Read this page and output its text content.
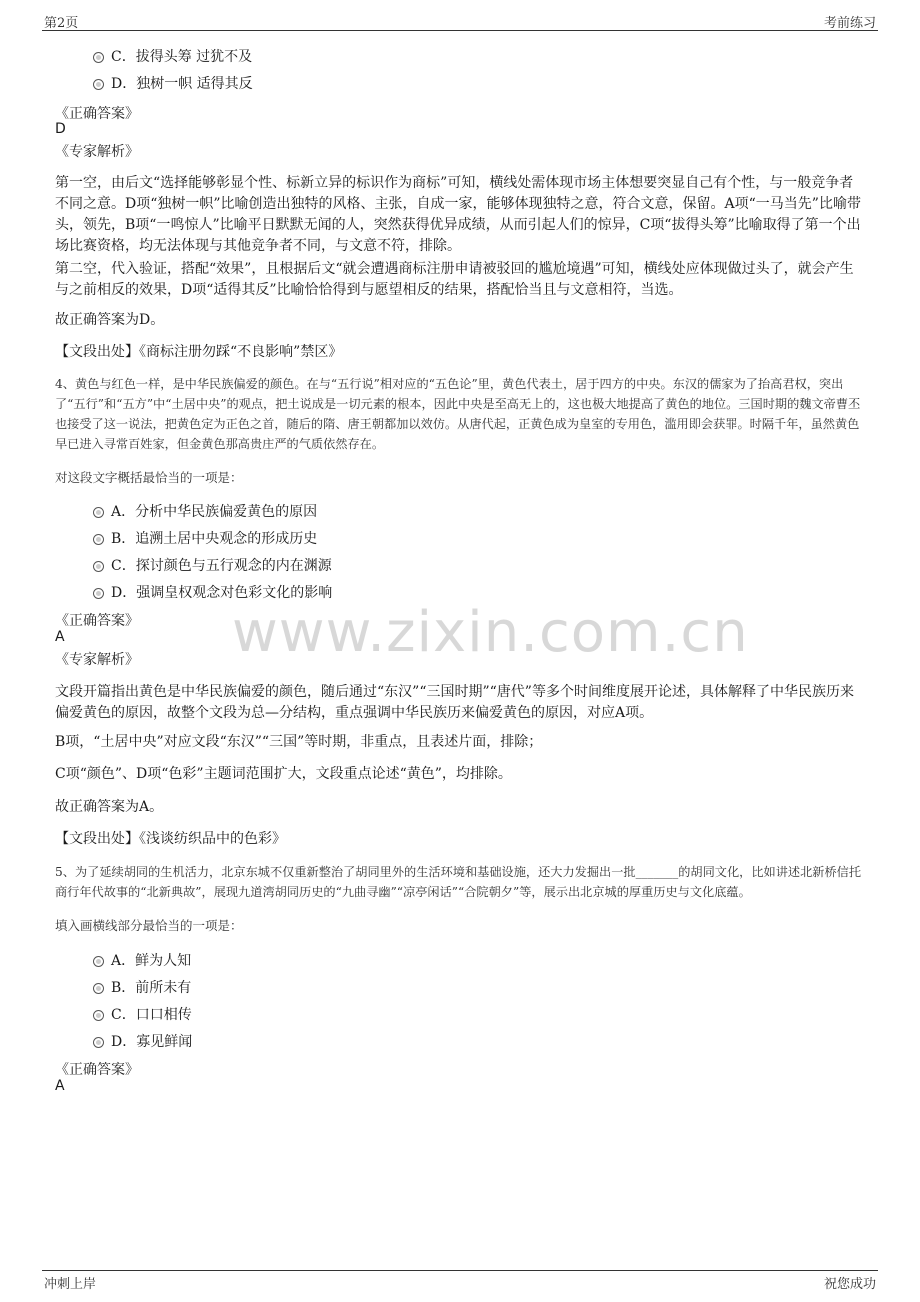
第2页	考前练习
www.zixin.com.cn
C．拔得头筹 过犹不及
D．独树一帜 适得其反
《正确答案》
D
《专家解析》
第一空，由后文“选择能够彰显个性、标新立异的标识作为商标”可知，横线处需体现市场主体想要突显自己有个性，与一般竞争者不同之意。D项“独树一帜”比喻创造出独特的风格、主张，自成一家，能够体现独特之意，符合文意，保留。A项“一马当先”比喻带头，领先，B项“一鸣惊人”比喻平日默默无闻的人，突然获得优异成绩，从而引起人们的惊异，C项“拔得头筹”比喻取得了第一个出场比赛资格，均无法体现与其他竞争者不同，与文意不符，排除。
第二空，代入验证，搭配“效果”，且根据后文“就会遭遇商标注册申请被驳回的尴尬境遇”可知，横线处应体现做过头了，就会产生与之前相反的效果，D项“适得其反”比喻恰恰得到与愿望相反的结果，搭配恰当且与文意相符，当选。
故正确答案为D。
【文段出处】《商标注册勿踩“不良影响”禁区》
4、黄色与红色一样，是中华民族偏爱的颜色。在与“五行说”相对应的“五色论”里，黄色代表土，居于四方的中央。东汉的儒家为了抬高君权，突出了“五行”和“五方”中“土居中央”的观点，把土说成是一切元素的根本，因此中央是至高无上的，这也极大地提高了黄色的地位。三国时期的魏文帝曹丕也接受了这一说法，把黄色定为正色之首，随后的隋、唐王朝都加以效仿。从唐代起，正黄色成为皇室的专用色，滥用即会获罪。时隔千年，虽然黄色早已进入寻常百姓家，但金黄色那高贵庄严的气质依然存在。
对这段文字概括最恰当的一项是：
A．分析中华民族偏爱黄色的原因
B．追溯土居中央观念的形成历史
C．探讨颜色与五行观念的内在渊源
D．强调皇权观念对色彩文化的影响
《正确答案》
A
《专家解析》
文段开篇指出黄色是中华民族偏爱的颜色，随后通过“东汉”“三国时期”“唐代”等多个时间维度展开论述，具体解释了中华民族历来偏爱黄色的原因，故整个文段为总—分结构，重点强调中华民族历来偏爱黄色的原因，对应A项。
B项，“土居中央”对应文段“东汉”“三国”等时期，非重点，且表述片面，排除；
C项“颜色”、D项“色彩”主题词范围扩大，文段重点论述“黄色”，均排除。
故正确答案为A。
【文段出处】《浅谈纺织品中的色彩》
5、为了延续胡同的生机活力，北京东城不仅重新整治了胡同里外的生活环境和基础设施，还大力发掘出一批_______的胡同文化，比如讲述北新桥信托商行年代故事的“北新典故”，展现九道湾胡同历史的“九曲寻幽”“凉亭闲话”“合院朝夕”等，展示出北京城的厚重历史与文化底蕴。
填入画横线部分最恰当的一项是：
A．鲜为人知
B．前所未有
C．口口相传
D．寡见鲜闻
《正确答案》
A
冲刺上岸	祝您成功
